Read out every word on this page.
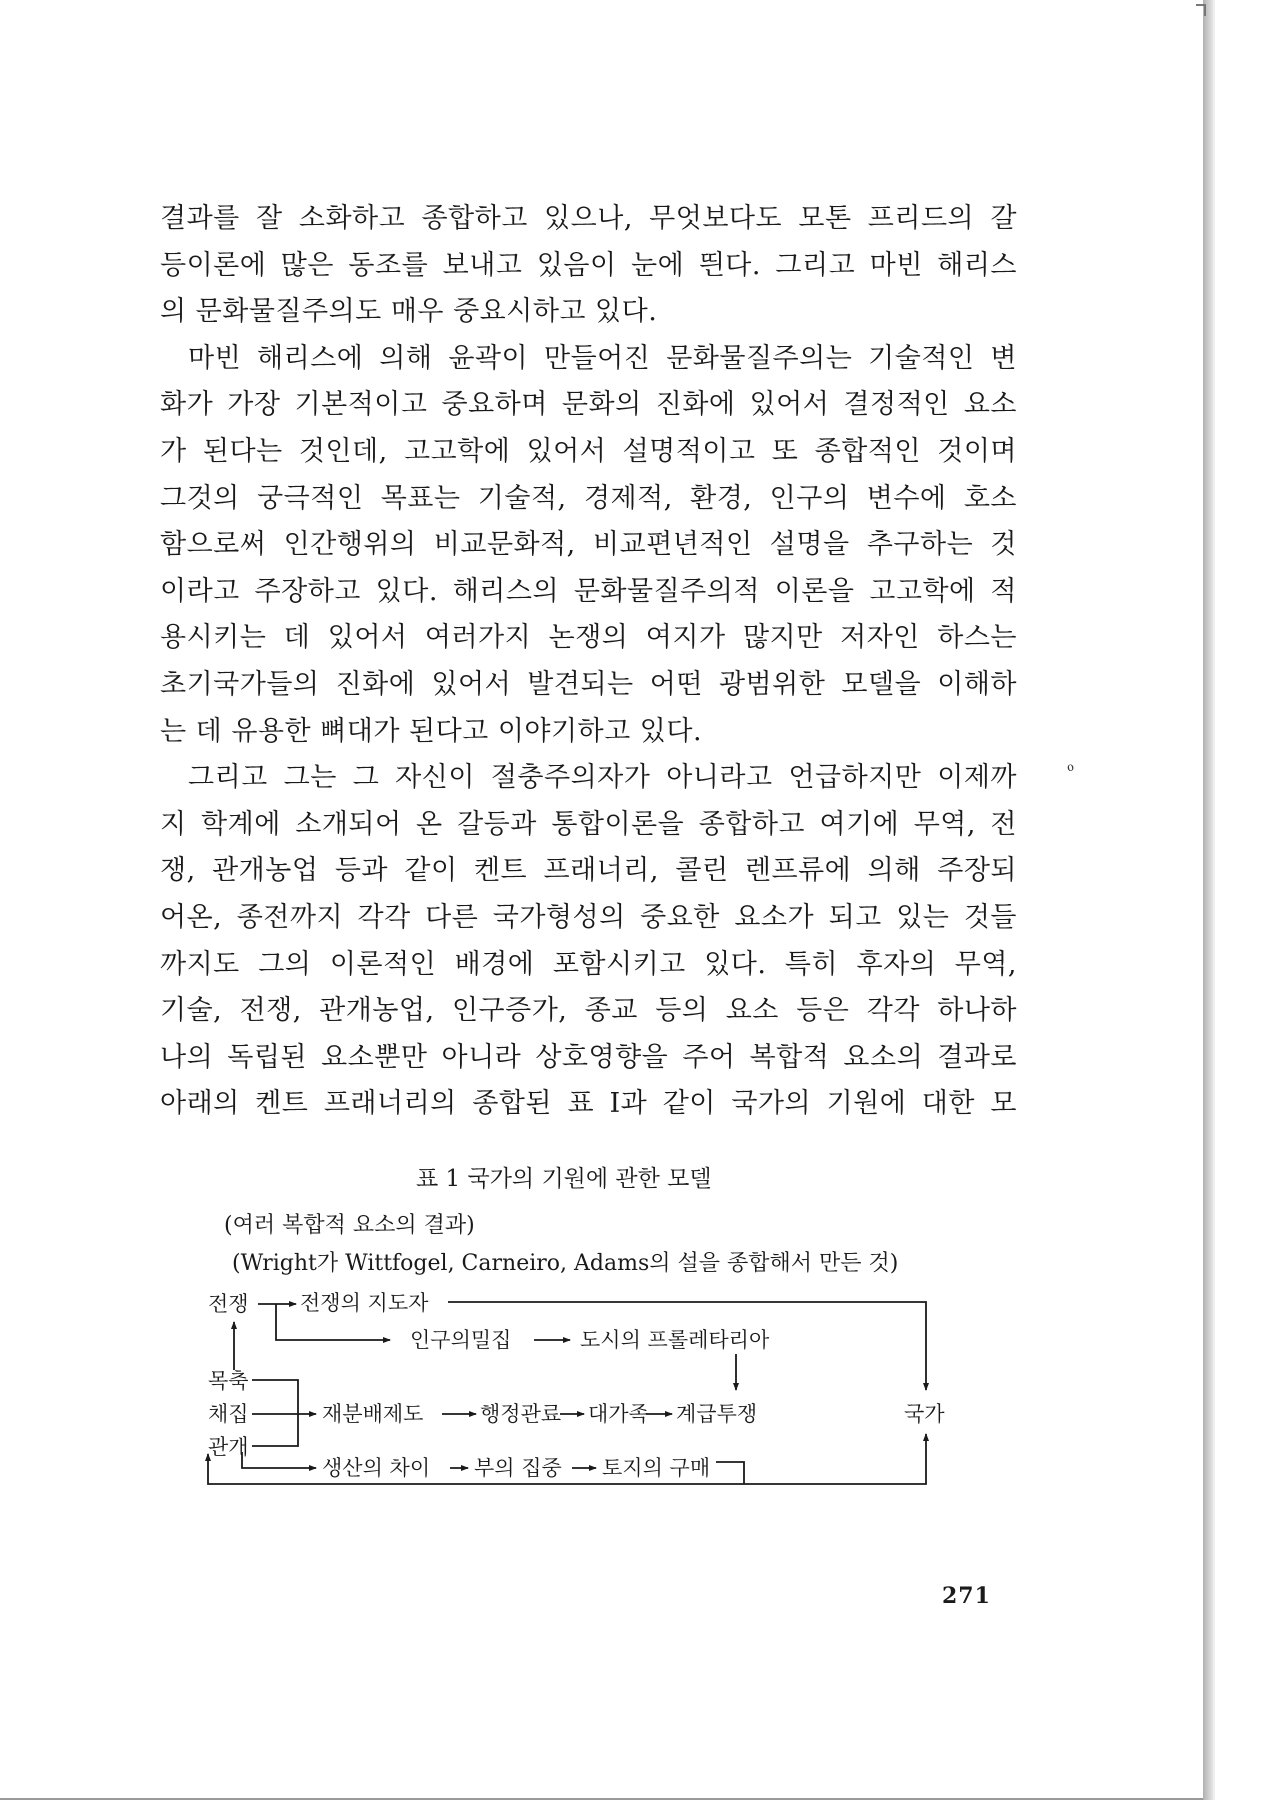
결과를 잘 소화하고 종합하고 있으나, 무엇보다도 모톤 프리드의 갈
등이론에 많은 동조를 보내고 있음이 눈에 띈다. 그리고 마빈 해리스
의 문화물질주의도 매우 중요시하고 있다.
마빈 해리스에 의해 윤곽이 만들어진 문화물질주의는 기술적인 변
화가 가장 기본적이고 중요하며 문화의 진화에 있어서 결정적인 요소
가 된다는 것인데, 고고학에 있어서 설명적이고 또 종합적인 것이며
그것의 궁극적인 목표는 기술적, 경제적, 환경, 인구의 변수에 호소
함으로써 인간행위의 비교문화적, 비교편년적인 설명을 추구하는 것
이라고 주장하고 있다. 해리스의 문화물질주의적 이론을 고고학에 적
용시키는 데 있어서 여러가지 논쟁의 여지가 많지만 저자인 하스는
초기국가들의 진화에 있어서 발견되는 어떤 광범위한 모델을 이해하
는 데 유용한 뼈대가 된다고 이야기하고 있다.
그리고 그는 그 자신이 절충주의자가 아니라고 언급하지만 이제까
지 학계에 소개되어 온 갈등과 통합이론을 종합하고 여기에 무역, 전
쟁, 관개농업 등과 같이 켄트 프래너리, 콜린 렌프류에 의해 주장되
어온, 종전까지 각각 다른 국가형성의 중요한 요소가 되고 있는 것들
까지도 그의 이론적인 배경에 포함시키고 있다. 특히 후자의 무역,
기술, 전쟁, 관개농업, 인구증가, 종교 등의 요소 등은 각각 하나하
나의 독립된 요소뿐만 아니라 상호영향을 주어 복합적 요소의 결과로
아래의 켄트 프래너리의 종합된 표 I과 같이 국가의 기원에 대한 모
ℴ
표 1 국가의 기원에 관한 모델
(여러 복합적 요소의 결과)
(Wright가 Wittfogel, Carneiro, Adams의 설을 종합해서 만든 것)
전쟁 전쟁의 지도자
인구의밀집	도시의 프롤레타리아
목축
채집
관개
재분배제도	행정관료 대가족 계급투쟁	국가
생산의 차이 부의 집중 토지의 구매
271
